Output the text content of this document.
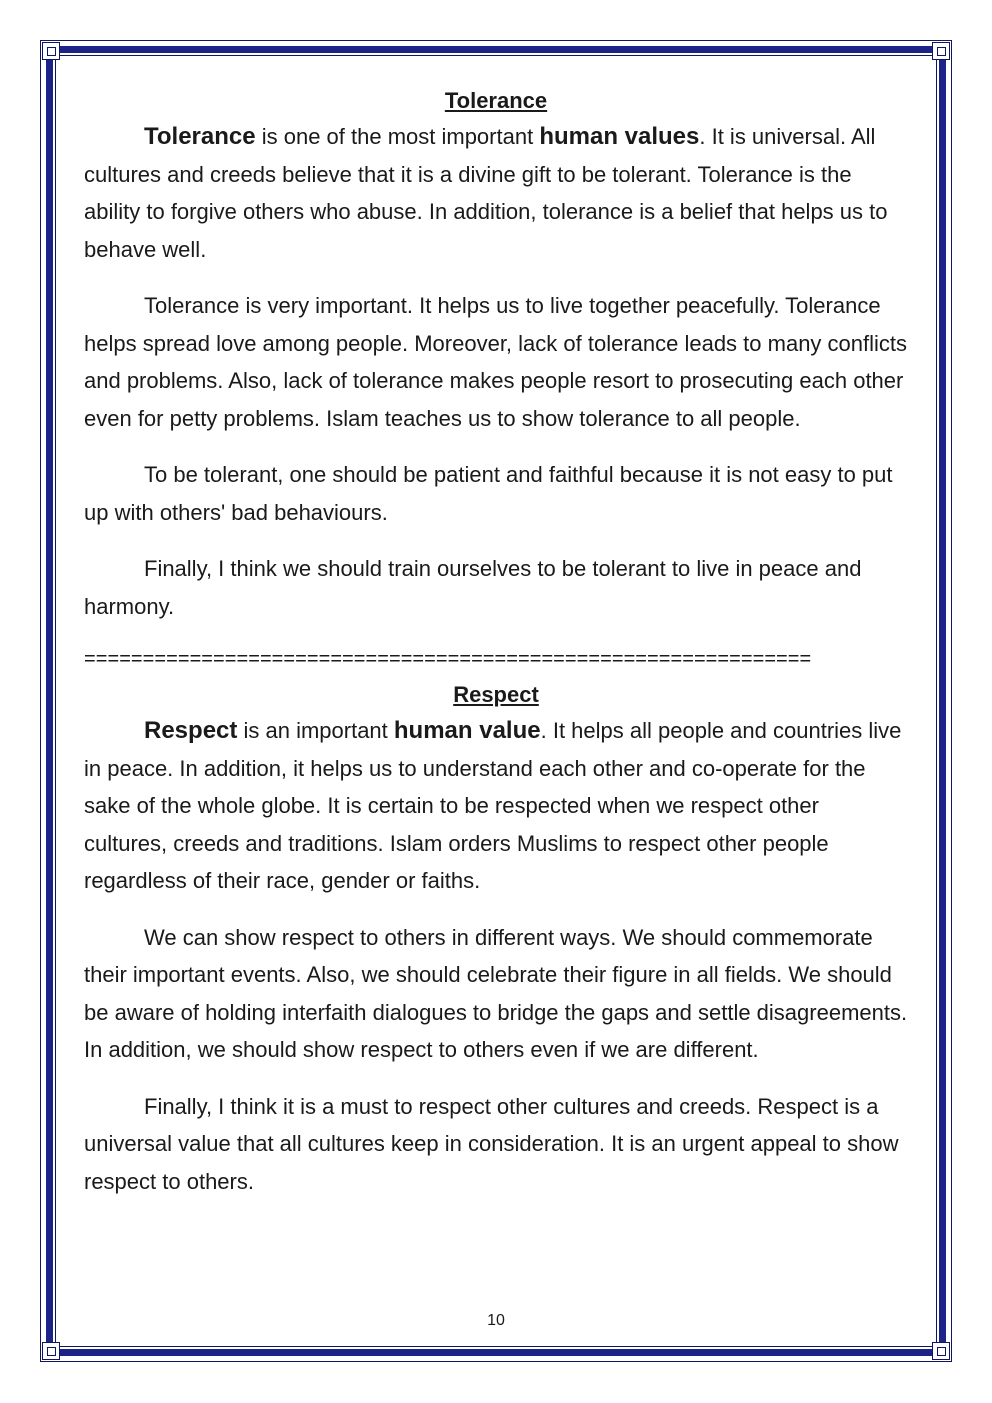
Tolerance

Tolerance is one of the most important human values. It is universal. All cultures and creeds believe that it is a divine gift to be tolerant. Tolerance is the ability to forgive others who abuse. In addition, tolerance is a belief that helps us to behave well.

Tolerance is very important. It helps us to live together peacefully. Tolerance helps spread love among people. Moreover, lack of tolerance leads to many conflicts and problems. Also, lack of tolerance makes people resort to prosecuting each other even for petty problems. Islam teaches us to show tolerance to all people.

To be tolerant, one should be patient and faithful because it is not easy to put up with others' bad behaviours.

Finally, I think we should train ourselves to be tolerant to live in peace and harmony.

==============================================================
Respect

Respect is an important human value. It helps all people and countries live in peace. In addition, it helps us to understand each other and co-operate for the sake of the whole globe. It is certain to be respected when we respect other cultures, creeds and traditions. Islam orders Muslims to respect other people regardless of their race, gender or faiths.

We can show respect to others in different ways. We should commemorate their important events. Also, we should celebrate their figure in all fields. We should be aware of holding interfaith dialogues to bridge the gaps and settle disagreements. In addition, we should show respect to others even if we are different.

Finally, I think it is a must to respect other cultures and creeds. Respect is a universal value that all cultures keep in consideration. It is an urgent appeal to show respect to others.

10
